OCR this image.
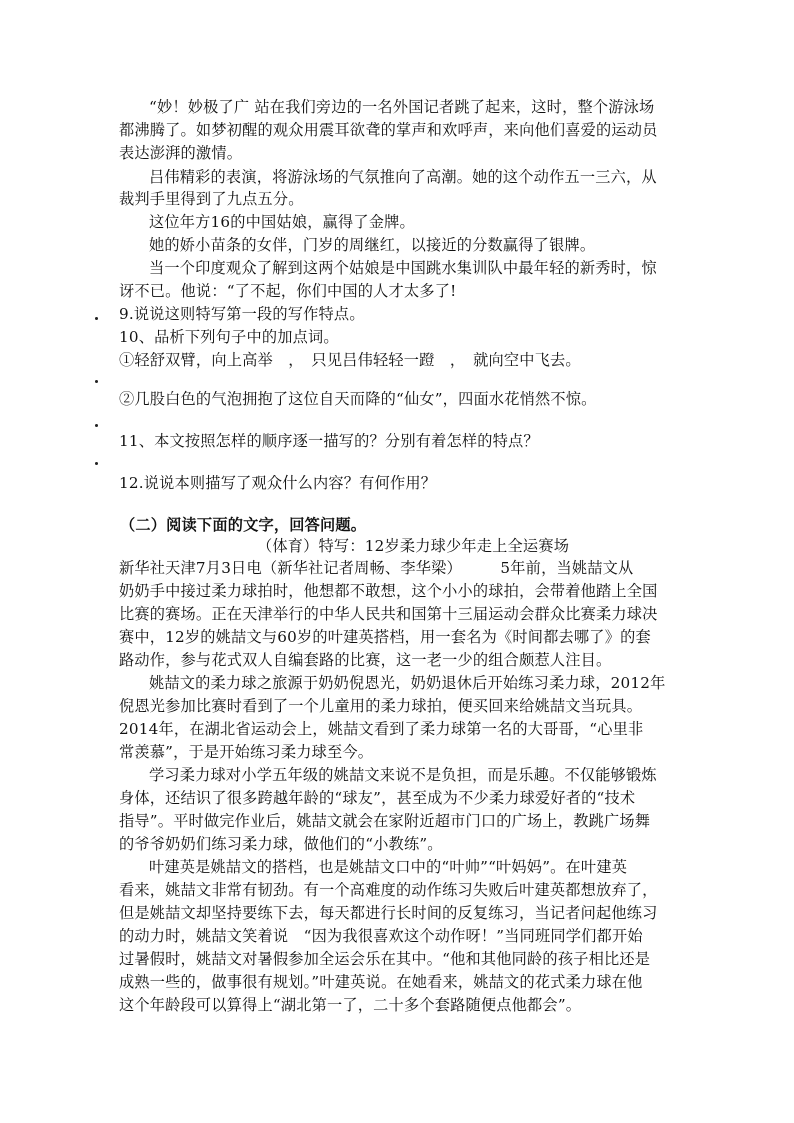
“妙！妙极了广 站在我们旁边的一名外国记者跳了起来，这时，整个游泳场

都沸腾了。如梦初醒的观众用震耳欲聋的掌声和欢呼声，来向他们喜爱的运动员

表达澎湃的激情。

吕伟精彩的表演，将游泳场的气氛推向了高潮。她的这个动作五一三六，从

裁判手里得到了九点五分。

这位年方16的中国姑娘，赢得了金牌。

她的娇小苗条的女伴，门岁的周继红，以接近的分数赢得了银牌。

当一个印度观众了解到这两个姑娘是中国跳水集训队中最年轻的新秀时，惊

讶不已。他说：“了不起，你们中国的人才太多了!

9.说说这则特写第一段的写作特点。

10、品析下列句子中的加点词。

①轻舒双臂，向上高举　，　只见吕伟轻轻一蹬　，　就向空中飞去。

②几股白色的气泡拥抱了这位自天而降的“仙女”，四面水花悄然不惊。

11、本文按照怎样的顺序逐一描写的？分别有着怎样的特点？

12.说说本则描写了观众什么内容？有何作用？

（二）阅读下面的文字，回答问题。

（体育）特写：12岁柔力球少年走上全运赛场

新华社天津7月3日电（新华社记者周畅、李华梁）　　　5年前，当姚喆文从

奶奶手中接过柔力球拍时，他想都不敢想，这个小小的球拍，会带着他踏上全国

比赛的赛场。正在天津举行的中华人民共和国第十三届运动会群众比赛柔力球决

赛中，12岁的姚喆文与60岁的叶建英搭档，用一套名为《时间都去哪了》的套

路动作，参与花式双人自编套路的比赛，这一老一少的组合颇惹人注目。

姚喆文的柔力球之旅源于奶奶倪恩光，奶奶退休后开始练习柔力球，2012年

倪恩光参加比赛时看到了一个儿童用的柔力球拍，便买回来给姚喆文当玩具。

2014年，在湖北省运动会上，姚喆文看到了柔力球第一名的大哥哥，“心里非

常羡慕”，于是开始练习柔力球至今。

学习柔力球对小学五年级的姚喆文来说不是负担，而是乐趣。不仅能够锻炼

身体，还结识了很多跨越年龄的“球友”，甚至成为不少柔力球爱好者的“技术

指导”。平时做完作业后，姚喆文就会在家附近超市门口的广场上，教跳广场舞

的爷爷奶奶们练习柔力球，做他们的“小教练”。

叶建英是姚喆文的搭档，也是姚喆文口中的“叶帅”“叶妈妈”。在叶建英

看来，姚喆文非常有韧劲。有一个高难度的动作练习失败后叶建英都想放弃了，

但是姚喆文却坚持要练下去，每天都进行长时间的反复练习，当记者问起他练习

的动力时，姚喆文笑着说　“因为我很喜欢这个动作呀！”当同班同学们都开始

过暑假时，姚喆文对暑假参加全运会乐在其中。“他和其他同龄的孩子相比还是

成熟一些的，做事很有规划。”叶建英说。在她看来，姚喆文的花式柔力球在他

这个年龄段可以算得上“湖北第一了，二十多个套路随便点他都会”。
